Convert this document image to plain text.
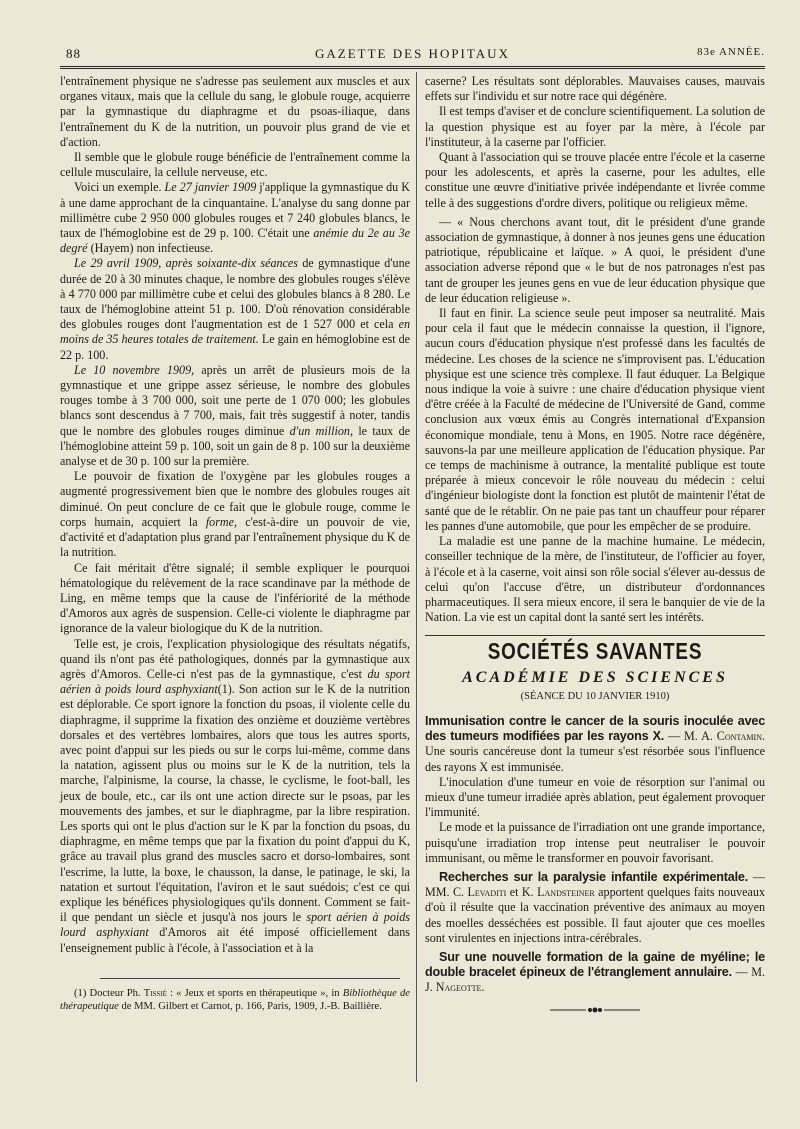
88	GAZETTE DES HOPITAUX	83e ANNÉE.

l'entraînement physique ne s'adresse pas seulement aux muscles et aux organes vitaux, mais que la cellule du sang, le globule rouge, acquierre par la gymnastique du diaphragme et du psoas-iliaque, dans l'entraînement du K de la nutrition, un pouvoir plus grand de vie et d'action.

Il semble que le globule rouge bénéficie de l'entraînement comme la cellule musculaire, la cellule nerveuse, etc.

Voici un exemple. Le 27 janvier 1909 j'applique la gymnastique du K à une dame approchant de la cinquantaine. L'analyse du sang donne par millimètre cube 2 950 000 globules rouges et 7 240 globules blancs, le taux de l'hémoglobine est de 29 p. 100. C'était une anémie du 2e au 3e degré (Hayem) non infectieuse.

Le 29 avril 1909, après soixante-dix séances de gymnastique d'une durée de 20 à 30 minutes chaque, le nombre des globules rouges s'élève à 4 770 000 par millimètre cube et celui des globules blancs à 8 280. Le taux de l'hémoglobine atteint 51 p. 100. D'où rénovation considérable des globules rouges dont l'augmentation est de 1 527 000 et cela en moins de 35 heures totales de traitement. Le gain en hémoglobine est de 22 p. 100.

Le 10 novembre 1909, après un arrêt de plusieurs mois de la gymnastique et une grippe assez sérieuse, le nombre des globules rouges tombe à 3 700 000, soit une perte de 1 070 000; les globules blancs sont descendus à 7 700, mais, fait très suggestif à noter, tandis que le nombre des globules rouges diminue d'un million, le taux de l'hémoglobine atteint 59 p. 100, soit un gain de 8 p. 100 sur la deuxième analyse et de 30 p. 100 sur la première.

Le pouvoir de fixation de l'oxygène par les globules rouges a augmenté progressivement bien que le nombre des globules rouges ait diminué. On peut conclure de ce fait que le globule rouge, comme le corps humain, acquiert la forme, c'est-à-dire un pouvoir de vie, d'activité et d'adaptation plus grand par l'entraînement physique du K de la nutrition.

Ce fait méritait d'être signalé; il semble expliquer le pourquoi hématologique du relèvement de la race scandinave par la méthode de Ling, en même temps que la cause de l'infériorité de la méthode d'Amoros aux agrès de suspension. Celle-ci violente le diaphragme par ignorance de la valeur biologique du K de la nutrition.

Telle est, je crois, l'explication physiologique des résultats négatifs, quand ils n'ont pas été pathologiques, donnés par la gymnastique aux agrès d'Amoros. Celle-ci n'est pas de la gymnastique, c'est du sport aérien à poids lourd asphyxiant(1). Son action sur le K de la nutrition est déplorable. Ce sport ignore la fonction du psoas, il violente celle du diaphragme, il supprime la fixation des onzième et douzième vertèbres dorsales et des vertèbres lombaires, alors que tous les autres sports, avec point d'appui sur les pieds ou sur le corps lui-même, comme dans la natation, agissent plus ou moins sur le K de la nutrition, tels la marche, l'alpinisme, la course, la chasse, le cyclisme, le foot-ball, les jeux de boule, etc., car ils ont une action directe sur le psoas, par les mouvements des jambes, et sur le diaphragme, par la libre respiration. Les sports qui ont le plus d'action sur le K par la fonction du psoas, du diaphragme, en même temps que par la fixation du point d'appui du K, grâce au travail plus grand des muscles sacro et dorso-lombaires, sont l'escrime, la lutte, la boxe, le chausson, la danse, le patinage, le ski, la natation et surtout l'équitation, l'aviron et le saut suédois; c'est ce qui explique les bénéfices physiologiques qu'ils donnent. Comment se fait-il que pendant un siècle et jusqu'à nos jours le sport aérien à poids lourd asphyxiant d'Amoros ait été imposé officiellement dans l'enseignement public à l'école, à l'association et à la

(1) Docteur Ph. Tissié : « Jeux et sports en thérapeutique », in Bibliothèque de thérapeutique de MM. Gilbert et Carnot, p. 166, Paris, 1909, J.-B. Baillière.

caserne? Les résultats sont déplorables. Mauvaises causes, mauvais effets sur l'individu et sur notre race qui dégénère.

Il est temps d'aviser et de conclure scientifiquement. La solution de la question physique est au foyer par la mère, à l'école par l'instituteur, à la caserne par l'officier.

Quant à l'association qui se trouve placée entre l'école et la caserne pour les adolescents, et après la caserne, pour les adultes, elle constitue une œuvre d'initiative privée indépendante et livrée comme telle à des suggestions d'ordre divers, politique ou religieux même.

— « Nous cherchons avant tout, dit le président d'une grande association de gymnastique, à donner à nos jeunes gens une éducation patriotique, républicaine et laïque. » A quoi, le président d'une association adverse répond que « le but de nos patronages n'est pas tant de grouper les jeunes gens en vue de leur éducation physique que de leur éducation religieuse ».

Il faut en finir. La science seule peut imposer sa neutralité. Mais pour cela il faut que le médecin connaisse la question, il l'ignore, aucun cours d'éducation physique n'est professé dans les facultés de médecine. Les choses de la science ne s'improvisent pas. L'éducation physique est une science très complexe. Il faut éduquer. La Belgique nous indique la voie à suivre : une chaire d'éducation physique vient d'être créée à la Faculté de médecine de l'Université de Gand, comme conclusion aux vœux émis au Congrès international d'Expansion économique mondiale, tenu à Mons, en 1905. Notre race dégénère, sauvons-la par une meilleure application de l'éducation physique. Par ce temps de machinisme à outrance, la mentalité publique est toute préparée à mieux concevoir le rôle nouveau du médecin : celui d'ingénieur biologiste dont la fonction est plutôt de maintenir l'état de santé que de le rétablir. On ne paie pas tant un chauffeur pour réparer les pannes d'une automobile, que pour les empêcher de se produire.

La maladie est une panne de la machine humaine. Le médecin, conseiller technique de la mère, de l'instituteur, de l'officier au foyer, à l'école et à la caserne, voit ainsi son rôle social s'élever au-dessus de celui qu'on l'accuse d'être, un distributeur d'ordonnances pharmaceutiques. Il sera mieux encore, il sera le banquier de vie de la Nation. La vie est un capital dont la santé sert les intérêts.

SOCIÉTÉS SAVANTES
ACADÉMIE DES SCIENCES
(SÉANCE DU 10 JANVIER 1910)

Immunisation contre le cancer de la souris inoculée avec des tumeurs modifiées par les rayons X. — M. A. Contamin. Une souris cancéreuse dont la tumeur s'est résorbée sous l'influence des rayons X est immunisée.

L'inoculation d'une tumeur en voie de résorption sur l'animal ou mieux d'une tumeur irradiée après ablation, peut également provoquer l'immunité.

Le mode et la puissance de l'irradiation ont une grande importance, puisqu'une irradiation trop intense peut neutraliser le pouvoir immunisant, ou même le transformer en pouvoir favorisant.

Recherches sur la paralysie infantile expérimentale. — MM. C. Levaditi et K. Landsteiner apportent quelques faits nouveaux d'où il résulte que la vaccination préventive des animaux au moyen des moelles desséchées est possible. Il faut ajouter que ces moelles sont virulentes en injections intra-cérébrales.

Sur une nouvelle formation de la gaine de myéline; le double bracelet épineux de l'étranglement annulaire. — M. J. Nageotte.
